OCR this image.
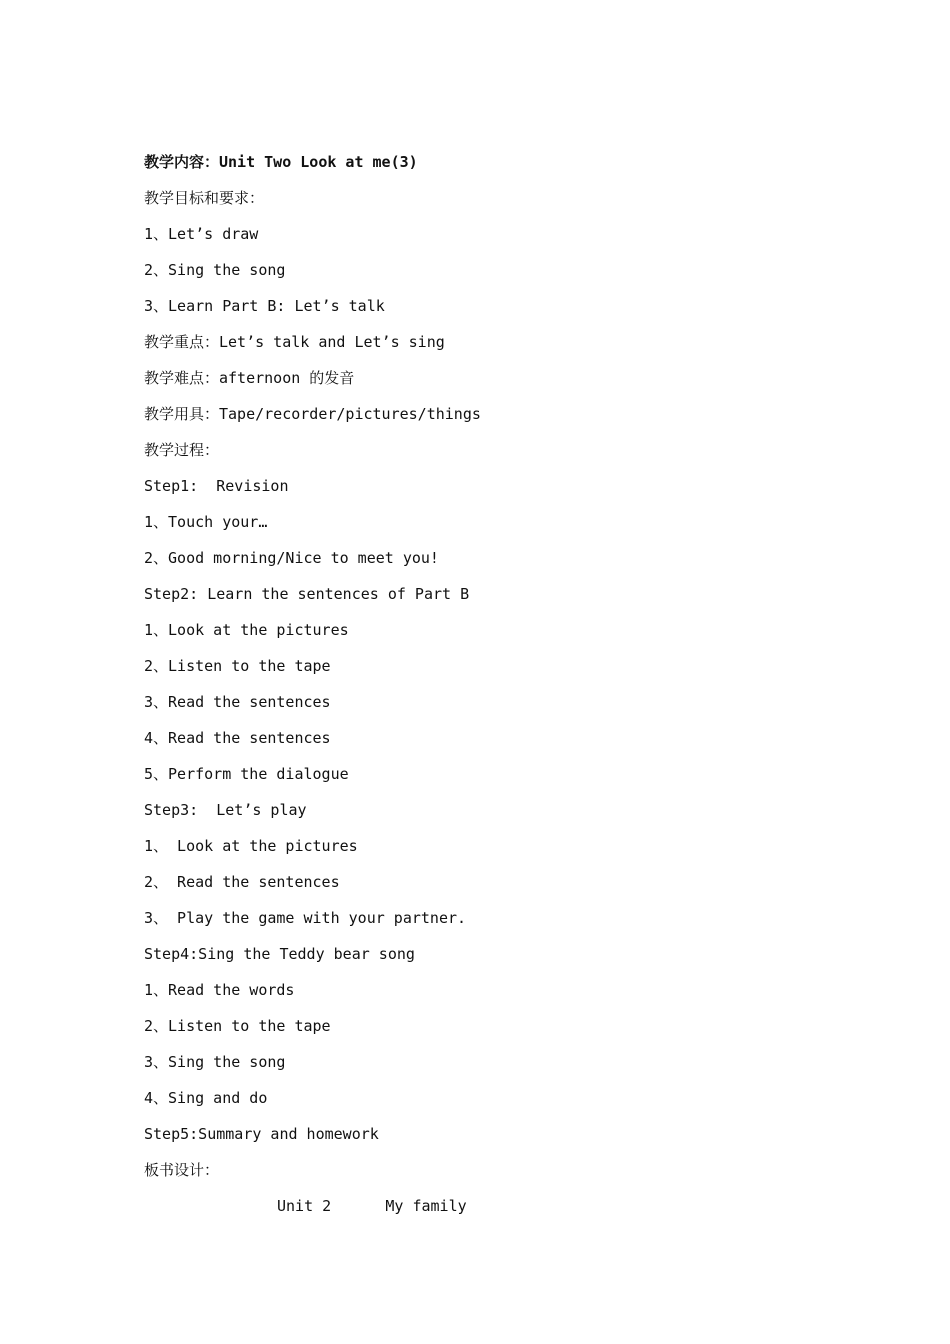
教学内容：Unit Two Look at me(3)
教学目标和要求：
1、Let’s draw
2、Sing the song
3、Learn Part B: Let’s talk
教学重点：Let’s talk and Let’s sing
教学难点：afternoon 的发音
教学用具：Tape/recorder/pictures/things
教学过程：
Step1:  Revision
1、Touch your…
2、Good morning/Nice to meet you!
Step2: Learn the sentences of Part B
1、Look at the pictures
2、Listen to the tape
3、Read the sentences
4、Read the sentences
5、Perform the dialogue
Step3:  Let’s play
1、 Look at the pictures
2、 Read the sentences
3、 Play the game with your partner.
Step4:Sing the Teddy bear song
1、Read the words
2、Listen to the tape
3、Sing the song
4、Sing and do
Step5:Summary and homework
板书设计：
Unit 2      My family
